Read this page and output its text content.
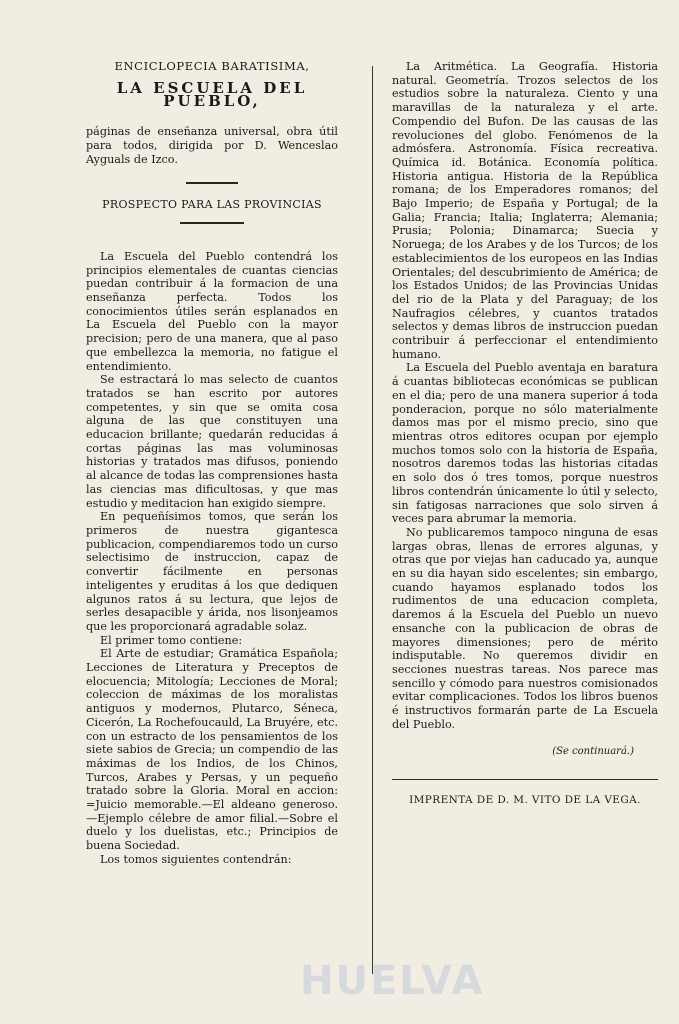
ENCICLOPECIA BARATISIMA,
LA ESCUELA DEL PUEBLO,

páginas de enseñanza universal, obra útil para todos, dirigida por D. Wenceslao Ayguals de Izco.

PROSPECTO PARA LAS PROVINCIAS

La Escuela del Pueblo contendrá los principios elementales de cuantas ciencias puedan contribuir á la formacion de una enseñanza perfecta. Todos los conocimientos útiles serán esplanados en La Escuela del Pueblo con la mayor precision; pero de una manera, que al paso que embellezca la memoria, no fatigue el entendimiento.

Se estractará lo mas selecto de cuantos tratados se han escrito por autores competentes, y sin que se omita cosa alguna de las que constituyen una educacion brillante; quedarán reducidas á cortas páginas las mas voluminosas historias y tratados mas difusos, poniendo al alcance de todas las comprensiones hasta las ciencias mas dificultosas, y que mas estudio y meditacion han exigido siempre.

En pequeñísimos tomos, que serán los primeros de nuestra gigantesca publicacion, compendiaremos todo un curso selectisimo de instruccion, capaz de convertir fácilmente en personas inteligentes y eruditas á los que dediquen algunos ratos á su lectura, que lejos de serles desapacible y árida, nos lisonjeamos que les proporcionará agradable solaz.

El primer tomo contiene:

El Arte de estudiar; Gramática Española; Lecciones de Literatura y Preceptos de elocuencia; Mitología; Lecciones de Moral; coleccion de máximas de los moralistas antiguos y modernos, Plutarco, Séneca, Cicerón, La Rochefoucauld, La Bruyére, etc. con un estracto de los pensamientos de los siete sabios de Grecia; un compendio de las máximas de los Indios, de los Chinos, Turcos, Arabes y Persas, y un pequeño tratado sobre la Gloria. Moral en accion: =Juicio memorable.—El aldeano generoso.—Ejemplo célebre de amor filial.—Sobre el duelo y los duelistas, etc.; Principios de buena Sociedad.

Los tomos siguientes contendrán:

La Aritmética. La Geografía. Historia natural. Geometría. Trozos selectos de los estudios sobre la naturaleza. Ciento y una maravillas de la naturaleza y el arte. Compendio del Bufon. De las causas de las revoluciones del globo. Fenómenos de la admósfera. Astronomía. Física recreativa. Química id. Botánica. Economía política. Historia antigua. Historia de la República romana; de los Emperadores romanos; del Bajo Imperio; de España y Portugal; de la Galia; Francia; Italia; Inglaterra; Alemania; Prusia; Polonia; Dinamarca; Suecia y Noruega; de los Arabes y de los Turcos; de los establecimientos de los europeos en las Indias Orientales; del descubrimiento de América; de los Estados Unidos; de las Provincias Unidas del rio de la Plata y del Paraguay; de los Naufragios célebres, y cuantos tratados selectos y demas libros de instruccion puedan contribuir á perfeccionar el entendimiento humano.

La Escuela del Pueblo aventaja en baratura á cuantas bibliotecas económicas se publican en el dia; pero de una manera superior á toda ponderacion, porque no sólo materialmente damos mas por el mismo precio, sino que mientras otros editores ocupan por ejemplo muchos tomos solo con la historia de España, nosotros daremos todas las historias citadas en solo dos ó tres tomos, porque nuestros libros contendrán únicamente lo útil y selecto, sin fatigosas narraciones que solo sirven á veces para abrumar la memoria.

No publicaremos tampoco ninguna de esas largas obras, llenas de errores algunas, y otras que por viejas han caducado ya, aunque en su dia hayan sido escelentes; sin embargo, cuando hayamos esplanado todos los rudimentos de una educacion completa, daremos á la Escuela del Pueblo un nuevo ensanche con la publicacion de obras de mayores dimensiones; pero de mérito indisputable. No queremos dividir en secciones nuestras tareas. Nos parece mas sencillo y cómodo para nuestros comisionados evitar complicaciones. Todos los libros buenos é instructivos formarán parte de La Escuela del Pueblo.

(Se continuará.)
IMPRENTA DE D. M. VITO DE LA VEGA.
HUELVA
